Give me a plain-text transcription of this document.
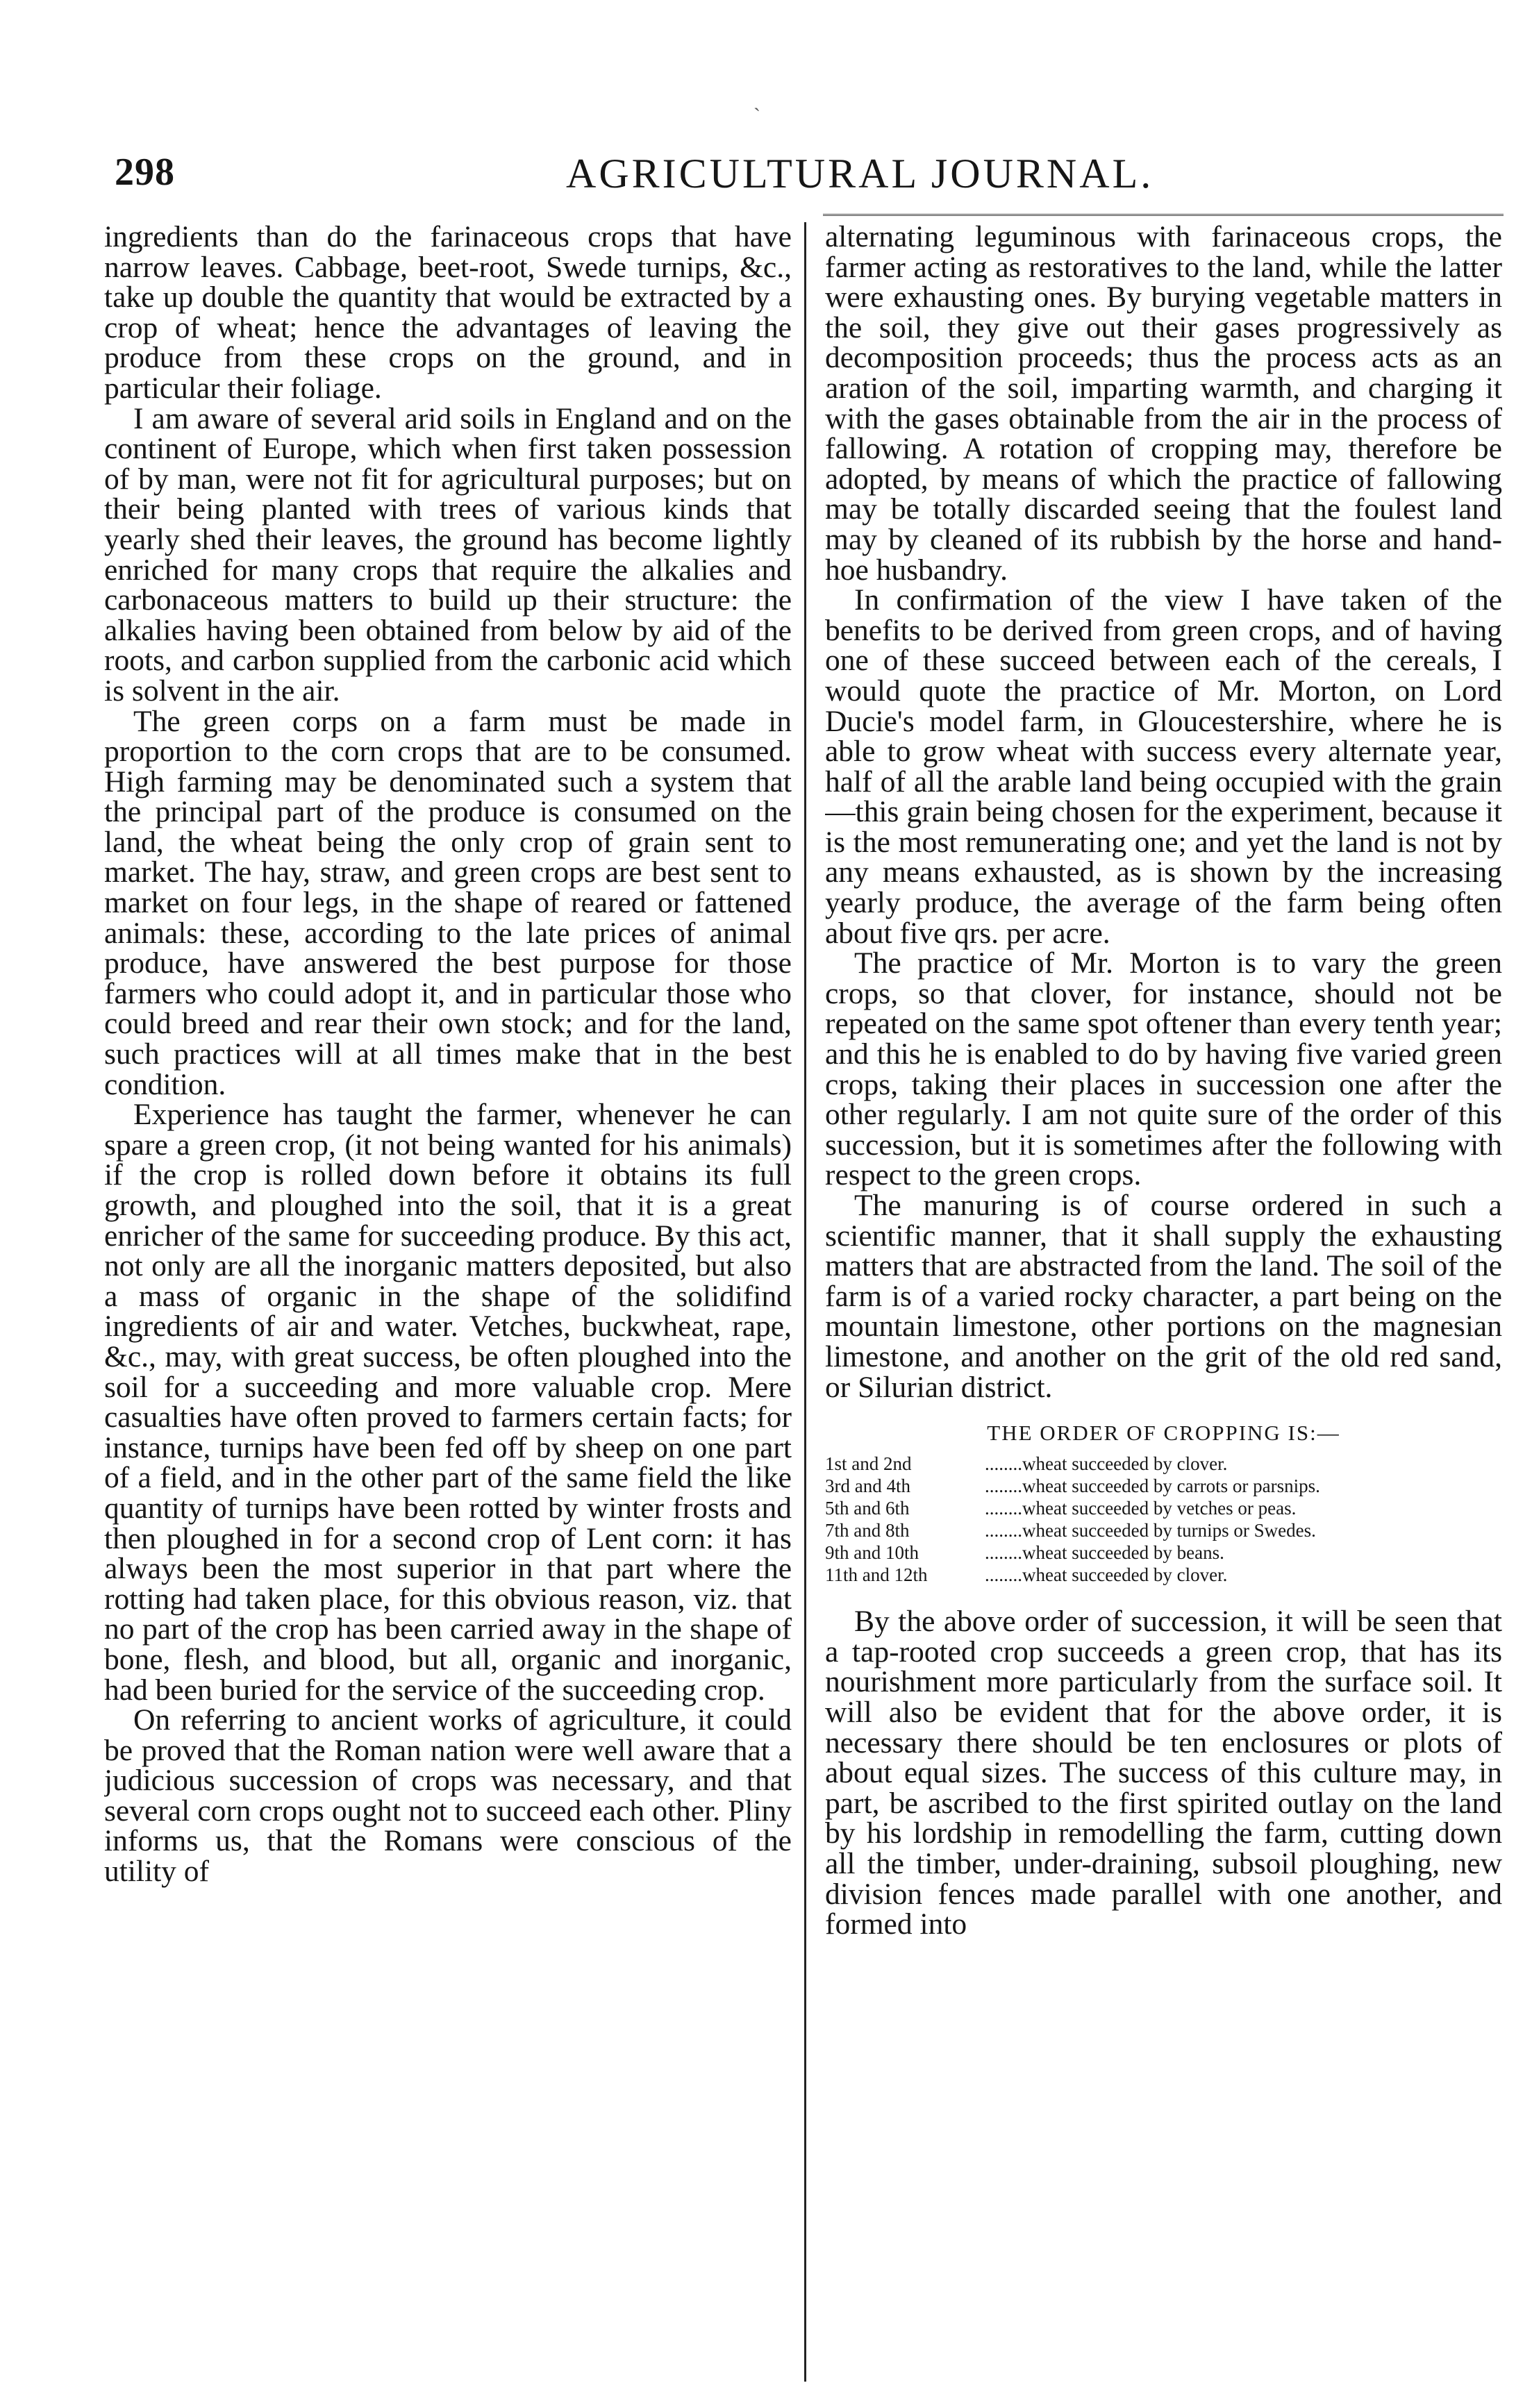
`
298	AGRICULTURAL JOURNAL.

ingredients than do the farinaceous crops that have narrow leaves. Cabbage, beet-root, Swede turnips, &c., take up double the quantity that would be extracted by a crop of wheat; hence the advantages of leaving the produce from these crops on the ground, and in particular their foliage.

I am aware of several arid soils in England and on the continent of Europe, which when first taken possession of by man, were not fit for agricultural purposes; but on their being planted with trees of various kinds that yearly shed their leaves, the ground has become lightly enriched for many crops that require the alkalies and carbonaceous matters to build up their structure: the alkalies having been obtained from below by aid of the roots, and carbon supplied from the carbonic acid which is solvent in the air.

The green corps on a farm must be made in proportion to the corn crops that are to be consumed. High farming may be denominated such a system that the principal part of the produce is consumed on the land, the wheat being the only crop of grain sent to market. The hay, straw, and green crops are best sent to market on four legs, in the shape of reared or fattened animals: these, according to the late prices of animal produce, have answered the best purpose for those farmers who could adopt it, and in particular those who could breed and rear their own stock; and for the land, such practices will at all times make that in the best condition.

Experience has taught the farmer, whenever he can spare a green crop, (it not being wanted for his animals) if the crop is rolled down before it obtains its full growth, and ploughed into the soil, that it is a great enricher of the same for succeeding produce. By this act, not only are all the inorganic matters deposited, but also a mass of organic in the shape of the solidifind ingredients of air and water. Vetches, buckwheat, rape, &c., may, with great success, be often ploughed into the soil for a succeeding and more valuable crop. Mere casualties have often proved to farmers certain facts; for instance, turnips have been fed off by sheep on one part of a field, and in the other part of the same field the like quantity of turnips have been rotted by winter frosts and then ploughed in for a second crop of Lent corn: it has always been the most superior in that part where the rotting had taken place, for this obvious reason, viz. that no part of the crop has been carried away in the shape of bone, flesh, and blood, but all, organic and inorganic, had been buried for the service of the succeeding crop.

On referring to ancient works of agriculture, it could be proved that the Roman nation were well aware that a judicious succession of crops was necessary, and that several corn crops ought not to succeed each other. Pliny informs us, that the Romans were conscious of the utility of

alternating leguminous with farinaceous crops, the farmer acting as restoratives to the land, while the latter were exhausting ones. By burying vegetable matters in the soil, they give out their gases progressively as decomposition proceeds; thus the process acts as an aration of the soil, imparting warmth, and charging it with the gases obtainable from the air in the process of fallowing. A rotation of cropping may, therefore be adopted, by means of which the practice of fallowing may be totally discarded seeing that the foulest land may by cleaned of its rubbish by the horse and hand-hoe husbandry.

In confirmation of the view I have taken of the benefits to be derived from green crops, and of having one of these succeed between each of the cereals, I would quote the practice of Mr. Morton, on Lord Ducie's model farm, in Gloucestershire, where he is able to grow wheat with success every alternate year, half of all the arable land being occupied with the grain—this grain being chosen for the experiment, because it is the most remunerating one; and yet the land is not by any means exhausted, as is shown by the increasing yearly produce, the average of the farm being often about five qrs. per acre.

The practice of Mr. Morton is to vary the green crops, so that clover, for instance, should not be repeated on the same spot oftener than every tenth year; and this he is enabled to do by having five varied green crops, taking their places in succession one after the other regularly. I am not quite sure of the order of this succession, but it is sometimes after the following with respect to the green crops.

The manuring is of course ordered in such a scientific manner, that it shall supply the exhausting matters that are abstracted from the land. The soil of the farm is of a varied rocky character, a part being on the mountain limestone, other portions on the magnesian limestone, and another on the grit of the old red sand, or Silurian district.

THE ORDER OF CROPPING IS:—
1st and 2nd	........wheat succeeded by clover.
3rd and 4th	........wheat succeeded by carrots or parsnips.
5th and 6th	........wheat succeeded by vetches or peas.
7th and 8th	........wheat succeeded by turnips or Swedes.
9th and 10th	........wheat succeeded by beans.
11th and 12th	........wheat succeeded by clover.

By the above order of succession, it will be seen that a tap-rooted crop succeeds a green crop, that has its nourishment more particularly from the surface soil. It will also be evident that for the above order, it is necessary there should be ten enclosures or plots of about equal sizes. The success of this culture may, in part, be ascribed to the first spirited outlay on the land by his lordship in remodelling the farm, cutting down all the timber, under-draining, subsoil ploughing, new division fences made parallel with one another, and formed into
